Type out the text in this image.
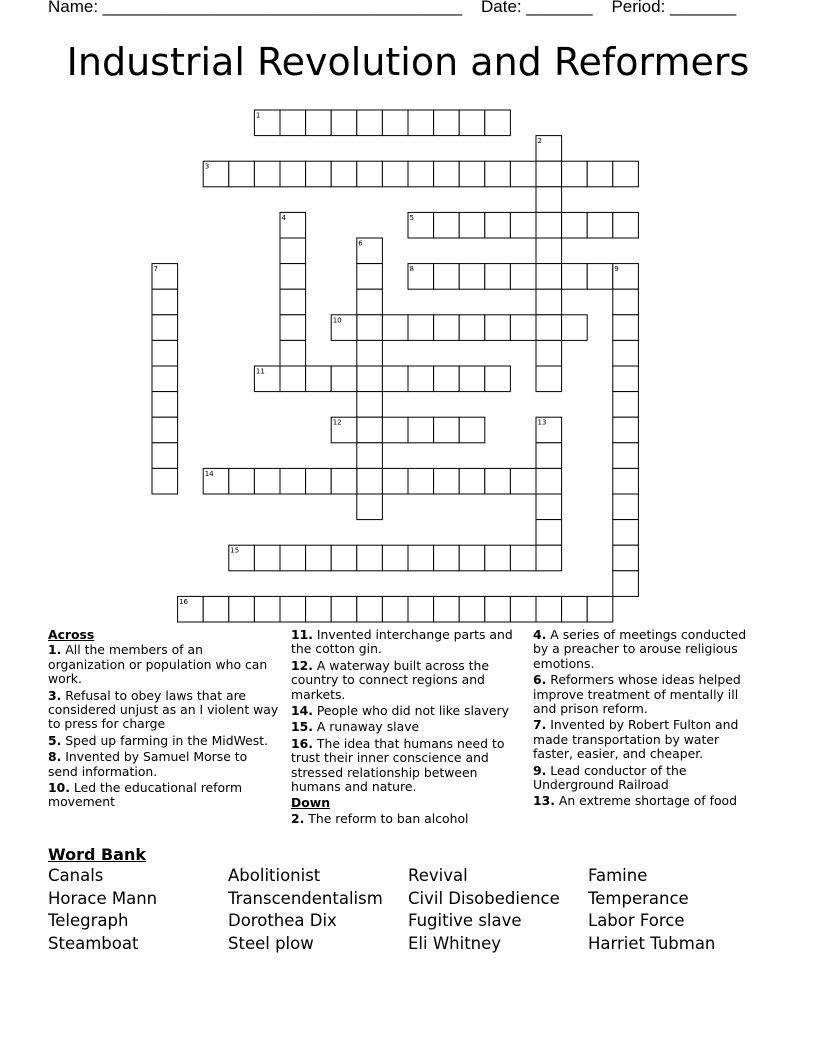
Name: ______________________________________ Date: _______ Period: _______
Industrial Revolution and Reformers
1
2
3
4	5
6
7	8	9
10
11
12	13
14
15
16
Across
1. All the members of an organization or population who can work.
3. Refusal to obey laws that are considered unjust as an I violent way to press for charge
5. Sped up farming in the MidWest.
8. Invented by Samuel Morse to send information.
10. Led the educational reform movement
11. Invented interchange parts and the cotton gin.
12. A waterway built across the country to connect regions and markets.
14. People who did not like slavery
15. A runaway slave
16. The idea that humans need to trust their inner conscience and stressed relationship between humans and nature.
Down
2. The reform to ban alcohol
4. A series of meetings conducted by a preacher to arouse religious emotions.
6. Reformers whose ideas helped improve treatment of mentally ill and prison reform.
7. Invented by Robert Fulton and made transportation by water faster, easier, and cheaper.
9. Lead conductor of the Underground Railroad
13. An extreme shortage of food
Word Bank
Canals
Horace Mann
Telegraph
Steamboat
Abolitionist
Transcendentalism
Dorothea Dix
Steel plow
Revival
Civil Disobedience
Fugitive slave
Eli Whitney
Famine
Temperance
Labor Force
Harriet Tubman
